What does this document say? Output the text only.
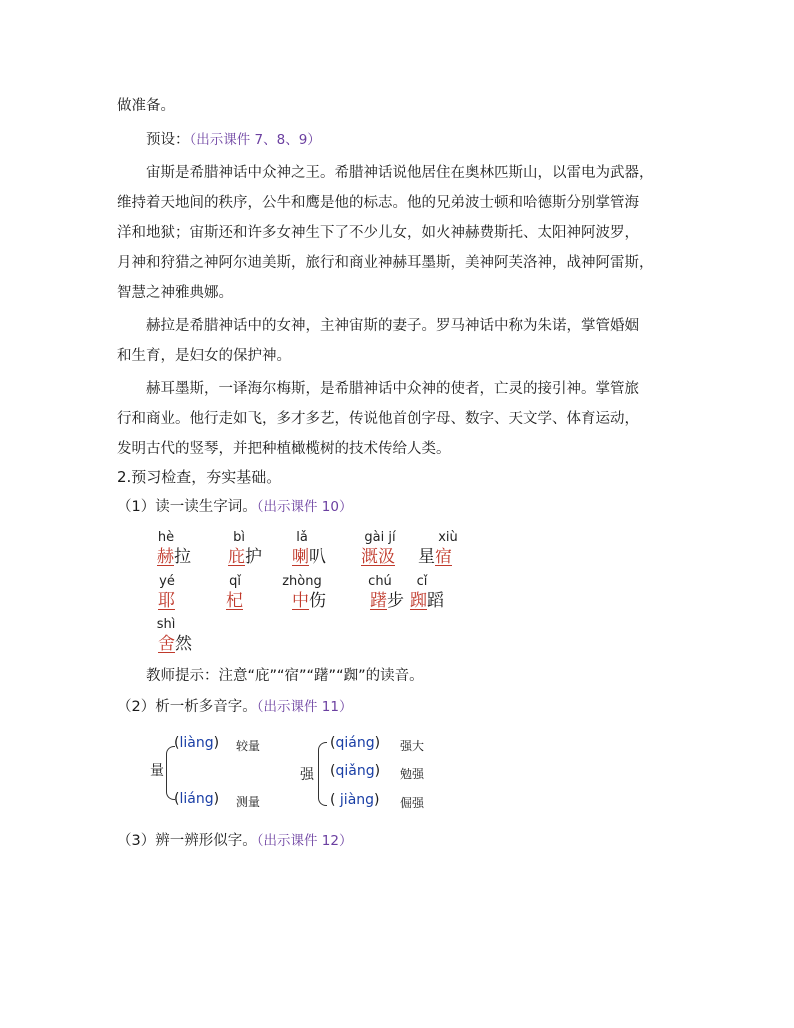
做准备。
预设：（出示课件 7、8、9）
宙斯是希腊神话中众神之王。希腊神话说他居住在奥林匹斯山，以雷电为武器，
维持着天地间的秩序，公牛和鹰是他的标志。他的兄弟波士顿和哈德斯分别掌管海
洋和地狱；宙斯还和许多女神生下了不少儿女，如火神赫费斯托、太阳神阿波罗，
月神和狩猎之神阿尔迪美斯，旅行和商业神赫耳墨斯，美神阿芙洛神，战神阿雷斯，
智慧之神雅典娜。
赫拉是希腊神话中的女神，主神宙斯的妻子。罗马神话中称为朱诺，掌管婚姻
和生育，是妇女的保护神。
赫耳墨斯，一译海尔梅斯，是希腊神话中众神的使者，亡灵的接引神。掌管旅
行和商业。他行走如飞，多才多艺，传说他首创字母、数字、天文学、体育运动，
发明古代的竖琴，并把种植橄榄树的技术传给人类。
2.预习检查，夯实基础。
（1）读一读生字词。（出示课件 10）
hè
赫拉
bì
庇护
lǎ
喇叭
gài jí
溉汲
xiù
星宿
yé
耶
qǐ
杞
zhòng
中伤
chú
躇步
cǐ
踟蹈
shì
舍然
教师提示：注意“庇”“宿”“躇”“踟”的读音。
（2）析一析多音字。（出示课件 11）
量
(liàng) 较量
(liáng) 测量
强
(qiáng) 强大
(qiǎng) 勉强
( jiàng) 倔强
（3）辨一辨形似字。（出示课件 12）
